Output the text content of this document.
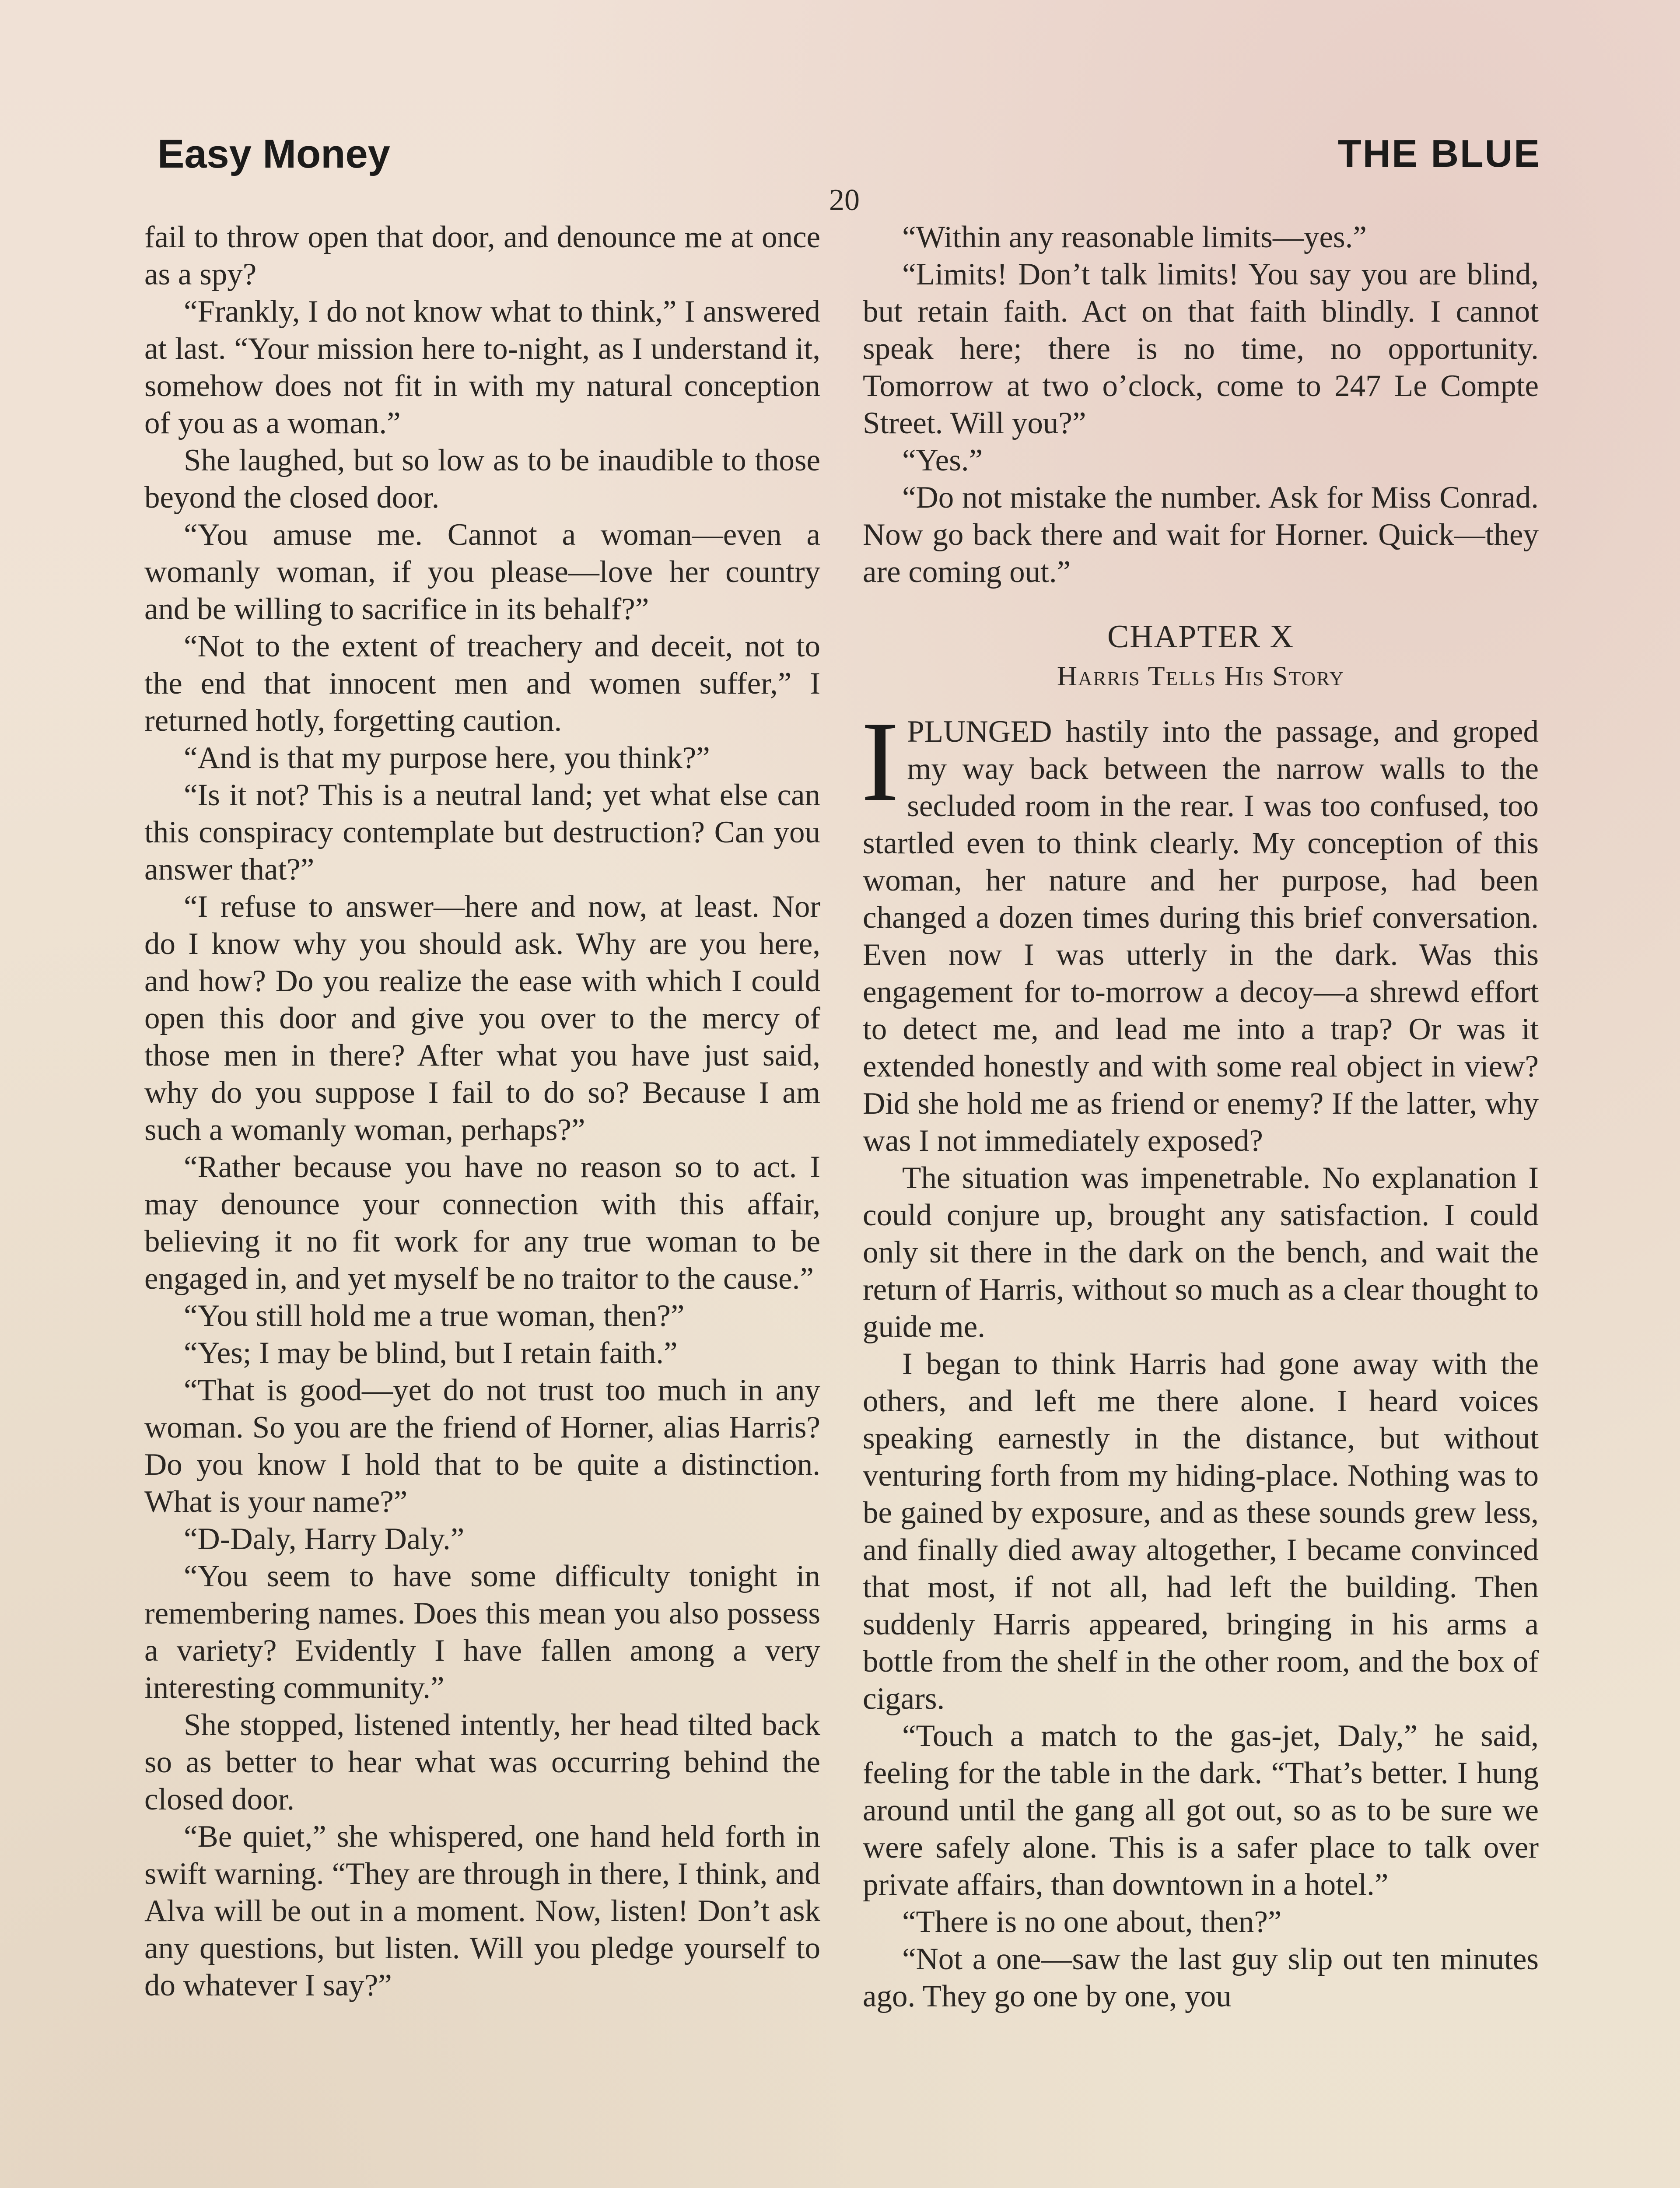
Easy Money	THE BLUE
20

fail to throw open that door, and denounce me at once as a spy?

“Frankly, I do not know what to think,” I answered at last. “Your mission here to-night, as I understand it, somehow does not fit in with my natural conception of you as a woman.”

She laughed, but so low as to be inaudible to those beyond the closed door.

“You amuse me. Cannot a woman—even a womanly woman, if you please—love her country and be willing to sacrifice in its behalf?”

“Not to the extent of treachery and deceit, not to the end that innocent men and women suffer,” I returned hotly, forgetting caution.

“And is that my purpose here, you think?”

“Is it not? This is a neutral land; yet what else can this conspiracy contemplate but destruction? Can you answer that?”

“I refuse to answer—here and now, at least. Nor do I know why you should ask. Why are you here, and how? Do you realize the ease with which I could open this door and give you over to the mercy of those men in there? After what you have just said, why do you suppose I fail to do so? Because I am such a womanly woman, perhaps?”

“Rather because you have no reason so to act. I may denounce your connection with this affair, believing it no fit work for any true woman to be engaged in, and yet myself be no traitor to the cause.”

“You still hold me a true woman, then?”

“Yes; I may be blind, but I retain faith.”

“That is good—yet do not trust too much in any woman. So you are the friend of Horner, alias Harris? Do you know I hold that to be quite a distinction. What is your name?”

“D-Daly, Harry Daly.”

“You seem to have some difficulty tonight in remembering names. Does this mean you also possess a variety? Evidently I have fallen among a very interesting community.”

She stopped, listened intently, her head tilted back so as better to hear what was occurring behind the closed door.

“Be quiet,” she whispered, one hand held forth in swift warning. “They are through in there, I think, and Alva will be out in a moment. Now, listen! Don’t ask any questions, but listen. Will you pledge yourself to do whatever I say?”

“Within any reasonable limits—yes.”

“Limits! Don’t talk limits! You say you are blind, but retain faith. Act on that faith blindly. I cannot speak here; there is no time, no opportunity. Tomorrow at two o’clock, come to 247 Le Compte Street. Will you?”

“Yes.”

“Do not mistake the number. Ask for Miss Conrad. Now go back there and wait for Horner. Quick—they are coming out.”

CHAPTER X
Harris Tells His Story

IPLUNGED hastily into the passage, and groped my way back between the narrow walls to the secluded room in the rear. I was too confused, too startled even to think clearly. My conception of this woman, her nature and her purpose, had been changed a dozen times during this brief conversation. Even now I was utterly in the dark. Was this engagement for to-morrow a decoy—a shrewd effort to detect me, and lead me into a trap? Or was it extended honestly and with some real object in view? Did she hold me as friend or enemy? If the latter, why was I not immediately exposed?

The situation was impenetrable. No explanation I could conjure up, brought any satisfaction. I could only sit there in the dark on the bench, and wait the return of Harris, without so much as a clear thought to guide me.

I began to think Harris had gone away with the others, and left me there alone. I heard voices speaking earnestly in the distance, but without venturing forth from my hiding-place. Nothing was to be gained by exposure, and as these sounds grew less, and finally died away altogether, I became convinced that most, if not all, had left the building. Then suddenly Harris appeared, bringing in his arms a bottle from the shelf in the other room, and the box of cigars.

“Touch a match to the gas-jet, Daly,” he said, feeling for the table in the dark. “That’s better. I hung around until the gang all got out, so as to be sure we were safely alone. This is a safer place to talk over private affairs, than downtown in a hotel.”

“There is no one about, then?”

“Not a one—saw the last guy slip out ten minutes ago. They go one by one, you
